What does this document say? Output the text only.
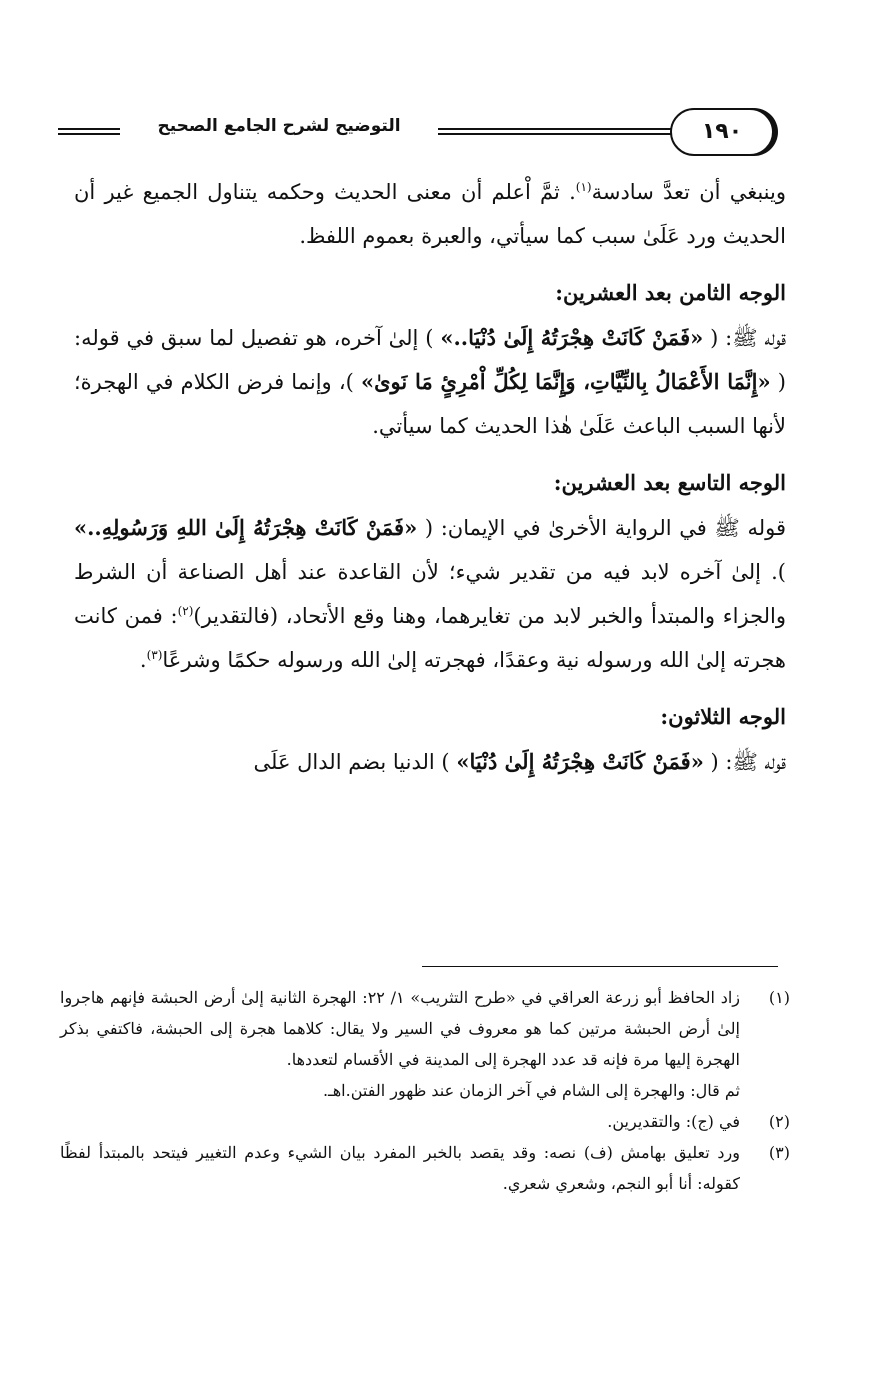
التوضيح لشرح الجامع الصحيح	١٩٠

وينبغي أن تعدَّ سادسة$^{(١)}$. ثمَّ اْعلم أن معنى الحديث وحكمه يتناول الجميع غير أن الحديث ورد عَلَىٰ سبب كما سيأتي، والعبرة بعموم اللفظ.

الوجه الثامن بعد العشرين:

قوله ﷺ: ( «فَمَنْ كَانَتْ هِجْرَتُهُ إِلَىٰ دُنْيَا..» ) إلىٰ آخره، هو تفصيل لما سبق في قوله: ( «إِنَّمَا الأَعْمَالُ بِالنِّيَّاتِ، وَإِنَّمَا لِكُلِّ اْمْرِئٍ مَا نَوىٰ» )، وإنما فرض الكلام في الهجرة؛ لأنها السبب الباعث عَلَىٰ هٰذا الحديث كما سيأتي.

الوجه التاسع بعد العشرين:

قوله ﷺ في الرواية الأخرىٰ في الإيمان: ( «فَمَنْ كَانَتْ هِجْرَتُهُ إِلَىٰ اللهِ وَرَسُولِهِ..» ). إلىٰ آخره لابد فيه من تقدير شيء؛ لأن القاعدة عند أهل الصناعة أن الشرط والجزاء والمبتدأ والخبر لابد من تغايرهما، وهنا وقع الأتحاد، (فالتقدير)$^{(٢)}$: فمن كانت هجرته إلىٰ الله ورسوله نية وعقدًا، فهجرته إلىٰ الله ورسوله حكمًا وشرعًا$^{(٣)}$.

الوجه الثلاثون:

قوله ﷺ: ( «فَمَنْ كَانَتْ هِجْرَتُهُ إِلَىٰ دُنْيَا» ) الدنيا بضم الدال عَلَى

(١)

زاد الحافظ أبو زرعة العراقي في «طرح التثريب» ١/ ٢٢: الهجرة الثانية إلىٰ أرض الحبشة فإنهم هاجروا إلىٰ أرض الحبشة مرتين كما هو معروف في السير ولا يقال: كلاهما هجرة إلى الحبشة، فاكتفي بذكر الهجرة إليها مرة فإنه قد عدد الهجرة إلى المدينة في الأقسام لتعددها.

ثم قال: والهجرة إلى الشام في آخر الزمان عند ظهور الفتن.اهـ.

(٢)

في (ج): والتقديرين.

(٣)

ورد تعليق بهامش (ف) نصه: وقد يقصد بالخبر المفرد بيان الشيء وعدم التغيير فيتحد بالمبتدأ لفظًا كقوله: أنا أبو النجم، وشعري شعري.
